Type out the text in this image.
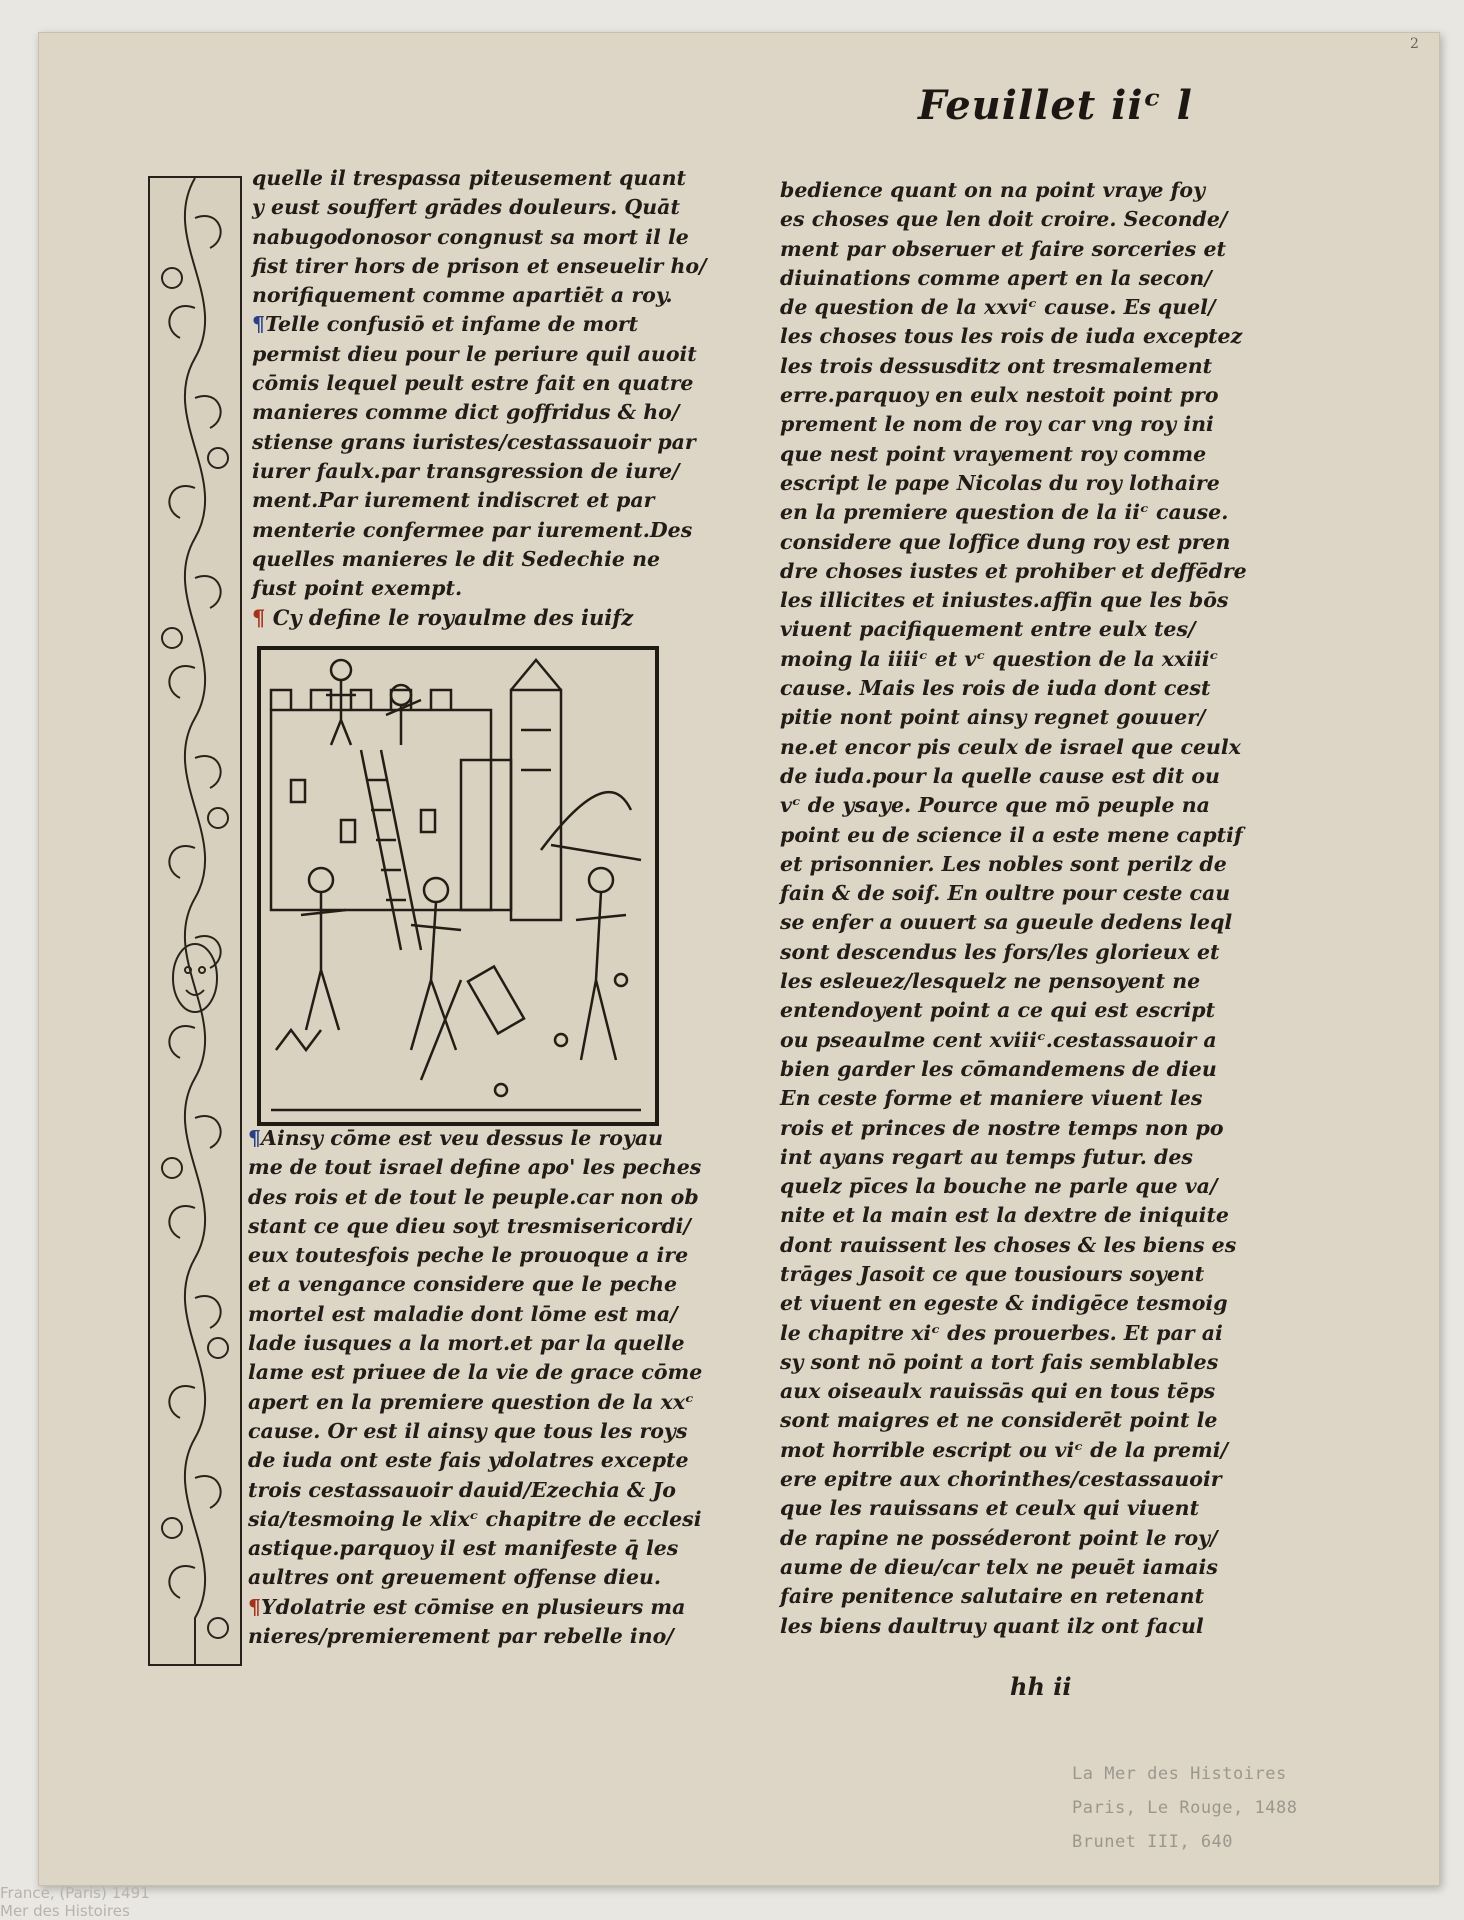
2
Feuillet iiᶜ l
quelle il trespassa piteusement quant
y eust souffert grādes douleurs. Quāt
nabugodonosor congnust sa mort il le
fist tirer hors de prison et enseuelir ho/
norifiquement comme apartiēt a roy.
¶Telle confusiō et infame de mort
permist dieu pour le periure quil auoit
cōmis lequel peult estre fait en quatre
manieres comme dict goffridus & ho/
stiense grans iuristes/cestassauoir par
iurer faulx.par transgression de iure/
ment.Par iurement indiscret et par
menterie confermee par iurement.Des
quelles manieres le dit Sedechie ne
fust point exempt.
¶ Cy define le royaulme des iuifz
¶Ainsy cōme est veu dessus le royau
me de tout israel define apo' les peches
des rois et de tout le peuple.car non ob
stant ce que dieu soyt tresmisericordi/
eux toutesfois peche le prouoque a ire
et a vengance considere que le peche
mortel est maladie dont lōme est ma/
lade iusques a la mort.et par la quelle
lame est priuee de la vie de grace cōme
apert en la premiere question de la xxᶜ
cause. Or est il ainsy que tous les roys
de iuda ont este fais ydolatres excepte
trois cestassauoir dauid/Ezechia & Jo
sia/tesmoing le xlixᶜ chapitre de ecclesi
astique.parquoy il est manifeste q̄ les
aultres ont greuement offense dieu.
¶Ydolatrie est cōmise en plusieurs ma
nieres/premierement par rebelle ino/
bedience quant on na point vraye foy
es choses que len doit croire. Seconde/
ment par obseruer et faire sorceries et
diuinations comme apert en la secon/
de question de la xxviᶜ cause. Es quel/
les choses tous les rois de iuda exceptez
les trois dessusditz ont tresmalement
erre.parquoy en eulx nestoit point pro
prement le nom de roy car vng roy ini
que nest point vrayement roy comme
escript le pape Nicolas du roy lothaire
en la premiere question de la iiᶜ cause.
considere que loffice dung roy est pren
dre choses iustes et prohiber et deffēdre
les illicites et iniustes.affin que les bōs
viuent pacifiquement entre eulx tes/
moing la iiiiᶜ et vᶜ question de la xxiiiᶜ
cause. Mais les rois de iuda dont cest
pitie nont point ainsy regnet gouuer/
ne.et encor pis ceulx de israel que ceulx
de iuda.pour la quelle cause est dit ou
vᶜ de ysaye. Pource que mō peuple na
point eu de science il a este mene captif
et prisonnier. Les nobles sont perilz de
fain & de soif. En oultre pour ceste cau
se enfer a ouuert sa gueule dedens leql
sont descendus les fors/les glorieux et
les esleuez/lesquelz ne pensoyent ne
entendoyent point a ce qui est escript
ou pseaulme cent xviiiᶜ.cestassauoir a
bien garder les cōmandemens de dieu
En ceste forme et maniere viuent les
rois et princes de nostre temps non po
int ayans regart au temps futur. des
quelz pīces la bouche ne parle que va/
nite et la main est la dextre de iniquite
dont rauissent les choses & les biens es
trāges Jasoit ce que tousiours soyent
et viuent en egeste & indigēce tesmoig
le chapitre xiᶜ des prouerbes. Et par ai
sy sont nō point a tort fais semblables
aux oiseaulx rauissās qui en tous tēps
sont maigres et ne considerēt point le
mot horrible escript ou viᶜ de la premi/
ere epitre aux chorinthes/cestassauoir
que les rauissans et ceulx qui viuent
de rapine ne posséderont point le roy/
aume de dieu/car telx ne peuēt iamais
faire penitence salutaire en retenant
les biens daultruy quant ilz ont facul
hh ii
La Mer des Histoires
Paris, Le Rouge, 1488
Brunet III, 640
France, (Paris) 1491
Mer des Histoires
